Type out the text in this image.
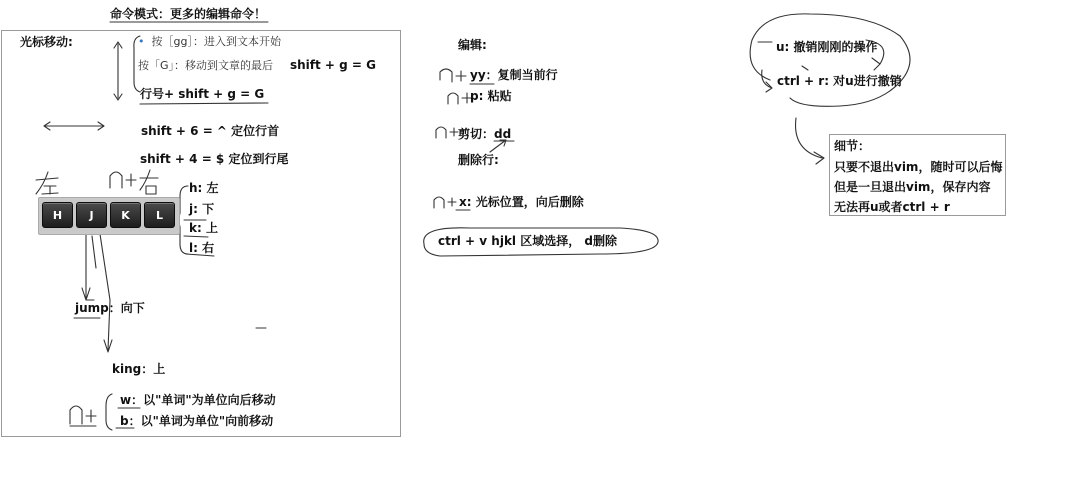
命令模式：更多的编辑命令！
光标移动:	• 按［gg］：进入到文本开始
按「G」：移动到文章的最后 shift + g = G
行号+ shift + g = G
shift + 6 = ^ 定位行首
shift + 4 = $ 定位到行尾
H	J	K	L
h: 左
j: 下
k: 上
l: 右
jump：向下
king：上
w：以"单词"为单位向后移动
b：以"单词为单位"向前移动
编辑:
yy：复制当前行
p: 粘贴
剪切：dd
删除行:
x: 光标位置，向后删除
ctrl + v hjkl 区域选择， d删除
u: 撤销刚刚的操作
ctrl + r: 对u进行撤销
细节：
只要不退出vim，随时可以后悔
但是一旦退出vim，保存内容
无法再u或者ctrl + r
